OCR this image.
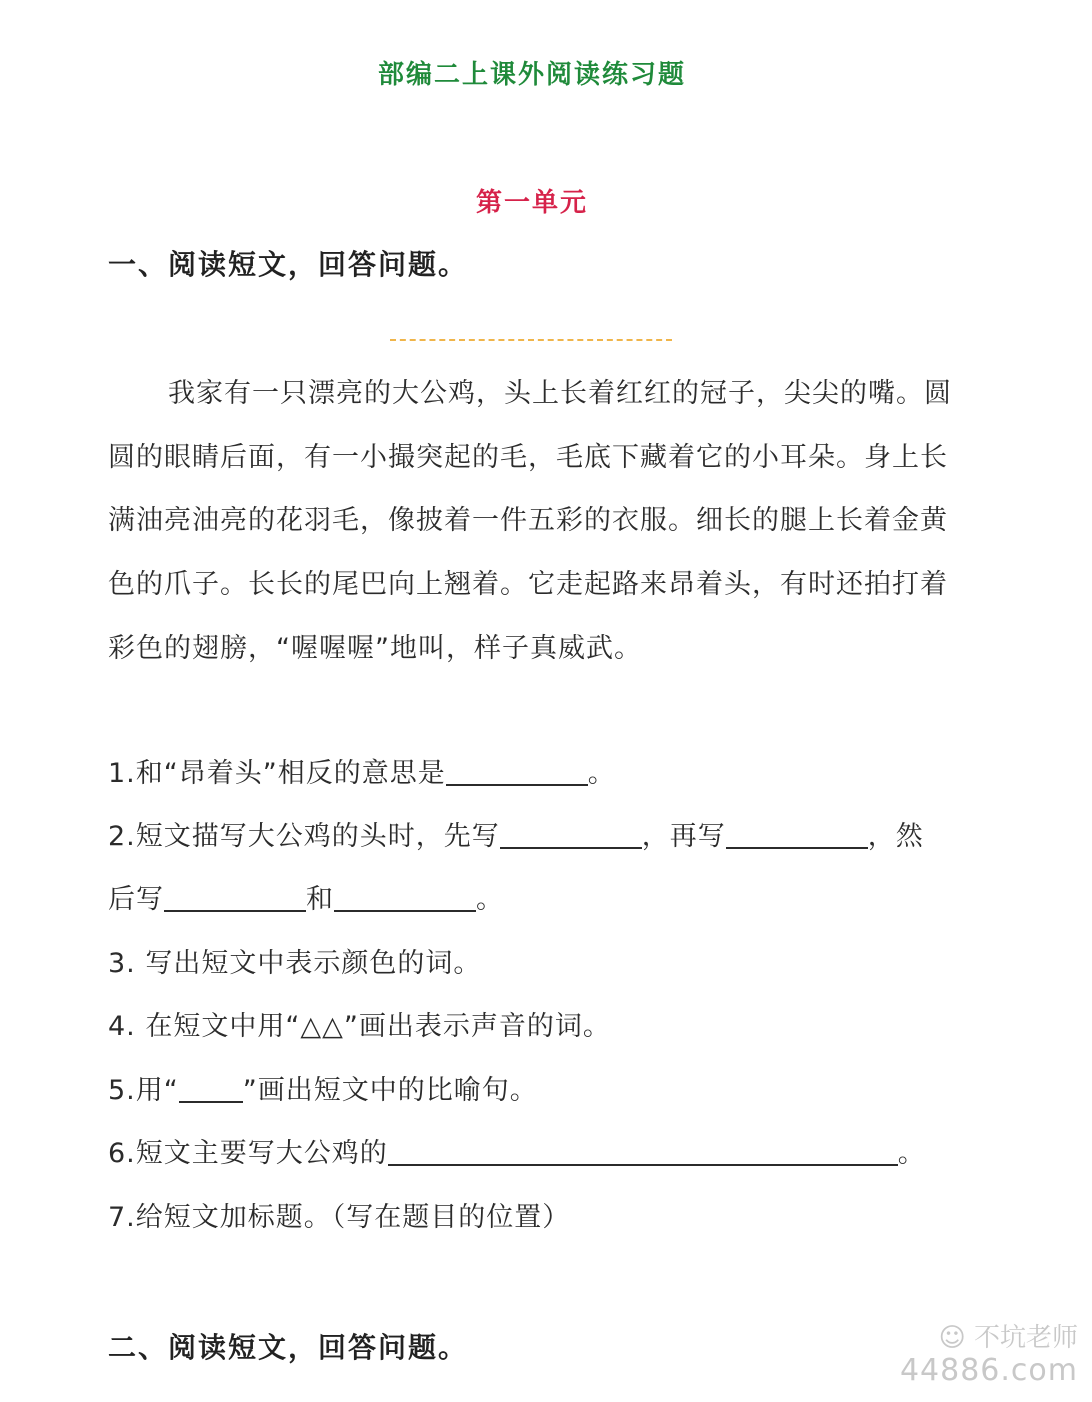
部编二上课外阅读练习题
第一单元
一、阅读短文，回答问题。

我家有一只漂亮的大公鸡，头上长着红红的冠子，尖尖的嘴。圆圆的眼睛后面，有一小撮突起的毛，毛底下藏着它的小耳朵。身上长满油亮油亮的花羽毛，像披着一件五彩的衣服。细长的腿上长着金黄色的爪子。长长的尾巴向上翘着。它走起路来昂着头，有时还拍打着彩色的翅膀，“喔喔喔”地叫，样子真威武。

1.和“昂着头”相反的意思是	。
2.短文描写大公鸡的头时，先写	，再写	，然
后写	和	。
3. 写出短文中表示颜色的词。
4. 在短文中用“△△”画出表示声音的词。
5.用“ ”画出短文中的比喻句。
6.短文主要写大公鸡的	。
7.给短文加标题。（写在题目的位置）
二、阅读短文，回答问题。	☺ 不坑老师
44886.com
